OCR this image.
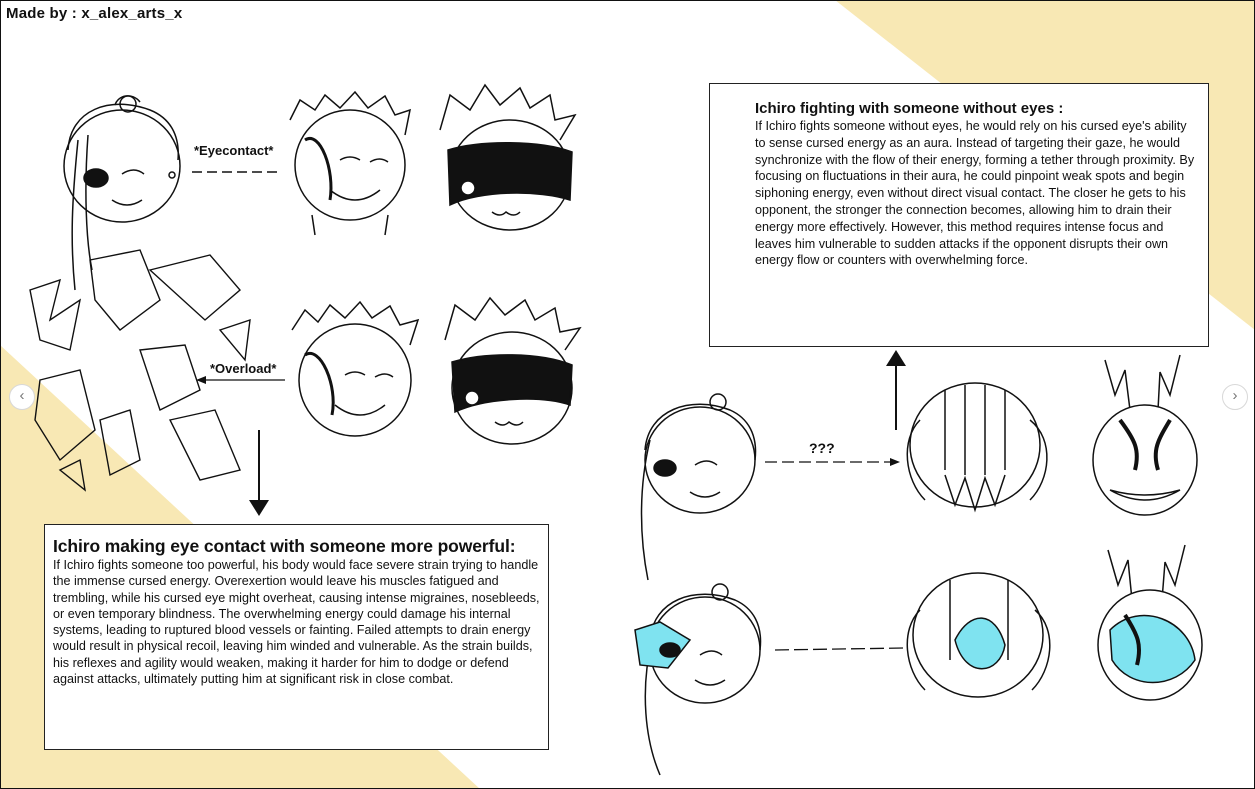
Made by : x_alex_arts_x
*Eyecontact*
*Overload*
???
Ichiro making eye contact with someone more powerful:

If Ichiro fights someone too powerful, his body would face severe strain trying to handle the immense cursed energy. Overexertion would leave his muscles fatigued and trembling, while his cursed eye might overheat, causing intense migraines, nosebleeds, or even temporary blindness. The overwhelming energy could damage his internal systems, leading to ruptured blood vessels or fainting. Failed attempts to drain energy would result in physical recoil, leaving him winded and vulnerable. As the strain builds, his reflexes and agility would weaken, making it harder for him to dodge or defend against attacks, ultimately putting him at significant risk in close combat.

Ichiro fighting with someone without eyes :

If Ichiro fights someone without eyes, he would rely on his cursed eye's ability to sense cursed energy as an aura. Instead of targeting their gaze, he would synchronize with the flow of their energy, forming a tether through proximity. By focusing on fluctuations in their aura, he could pinpoint weak spots and begin siphoning energy, even without direct visual contact. The closer he gets to his opponent, the stronger the connection becomes, allowing him to drain their energy more effectively. However, this method requires intense focus and leaves him vulnerable to sudden attacks if the opponent disrupts their own energy flow or counters with overwhelming force.

‹	›
